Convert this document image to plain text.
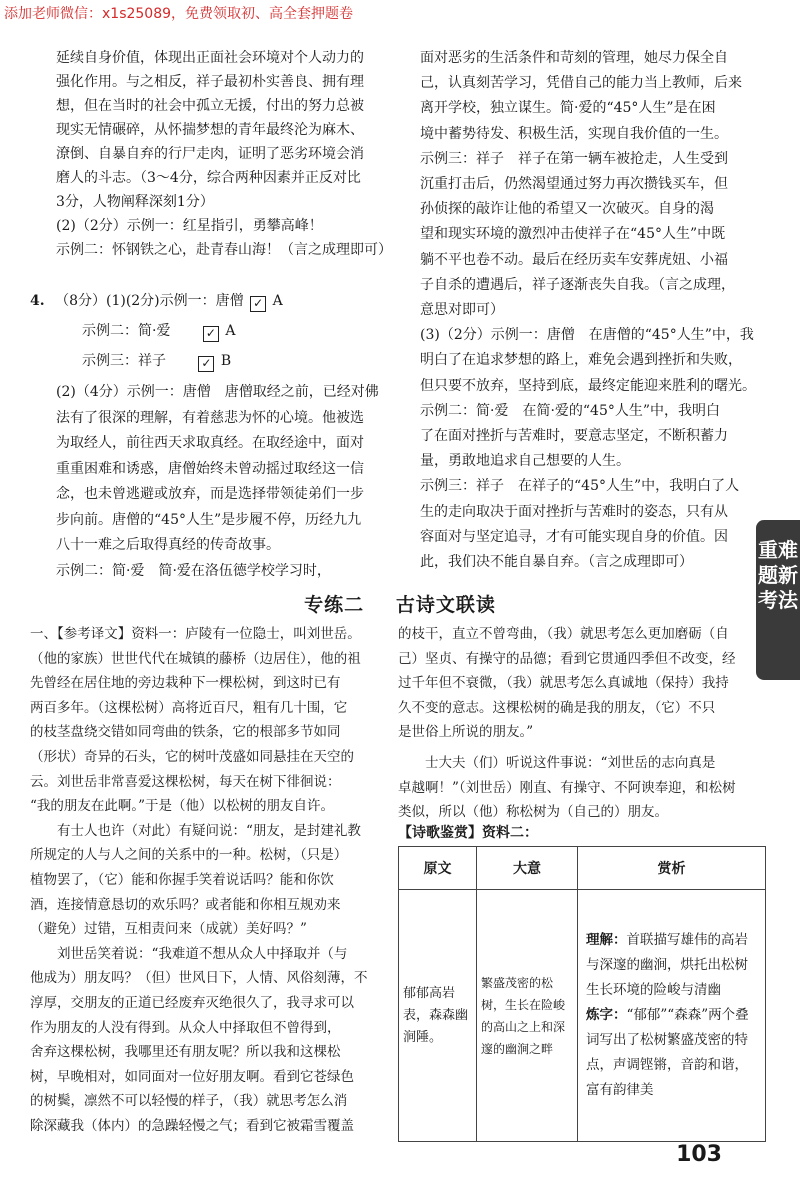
添加老师微信：x1s25089，免费领取初、高全套押题卷

延续自身价值，体现出正面社会环境对个人动力的

强化作用。与之相反，祥子最初朴实善良、拥有理

想，但在当时的社会中孤立无援，付出的努力总被

现实无情碾碎，从怀揣梦想的青年最终沦为麻木、

潦倒、自暴自弃的行尸走肉，证明了恶劣环境会消

磨人的斗志。（3～4分，综合两种因素并正反对比

3分，人物阐释深刻1分）

(2)（2分）示例一：红星指引，勇攀高峰！

示例二：怀钢铁之心，赴青春山海！（言之成理即可）

4. （8分）(1)(2分)示例一：唐僧 ✓ A

示例二：简·爱	✓ A

示例三：祥子	✓ B

(2)（4分）示例一：唐僧　唐僧取经之前，已经对佛

法有了很深的理解，有着慈悲为怀的心境。他被选

为取经人，前往西天求取真经。在取经途中，面对

重重困难和诱惑，唐僧始终未曾动摇过取经这一信

念，也未曾逃避或放弃，而是选择带领徒弟们一步

步向前。唐僧的“45°人生”是步履不停，历经九九

八十一难之后取得真经的传奇故事。

示例二：简·爱　简·爱在洛伍德学校学习时，

面对恶劣的生活条件和苛刻的管理，她尽力保全自

己，认真刻苦学习，凭借自己的能力当上教师，后来

离开学校，独立谋生。简·爱的“45°人生”是在困

境中蓄势待发、积极生活，实现自我价值的一生。

示例三：祥子　祥子在第一辆车被抢走，人生受到

沉重打击后，仍然渴望通过努力再次攒钱买车，但

孙侦探的敲诈让他的希望又一次破灭。自身的渴

望和现实环境的激烈冲击使祥子在“45°人生”中既

躺不平也卷不动。最后在经历卖车安葬虎妞、小福

子自杀的遭遇后，祥子逐渐丧失自我。（言之成理，

意思对即可）

(3)（2分）示例一：唐僧　在唐僧的“45°人生”中，我

明白了在追求梦想的路上，难免会遇到挫折和失败，

但只要不放弃，坚持到底，最终定能迎来胜利的曙光。

示例二：简·爱　在简·爱的“45°人生”中，我明白

了在面对挫折与苦难时，要意志坚定，不断积蓄力

量，勇敢地追求自己想要的人生。

示例三：祥子　在祥子的“45°人生”中，我明白了人

生的走向取决于面对挫折与苦难时的姿态，只有从

容面对与坚定追寻，才有可能实现自身的价值。因

此，我们决不能自暴自弃。（言之成理即可）

专练二 古诗文联读

一、【参考译文】资料一：庐陵有一位隐士，叫刘世岳。

（他的家族）世世代代在城镇的藤桥（边居住），他的祖

先曾经在居住地的旁边栽种下一棵松树，到这时已有

两百多年。（这棵松树）高将近百尺，粗有几十围，它

的枝茎盘绕交错如同弯曲的铁条，它的根部多节如同

（形状）奇异的石头，它的树叶茂盛如同悬挂在天空的

云。刘世岳非常喜爱这棵松树，每天在树下徘徊说：

“我的朋友在此啊。”于是（他）以松树的朋友自许。

有士人也许（对此）有疑问说：“朋友，是封建礼教

所规定的人与人之间的关系中的一种。松树，（只是）

植物罢了，（它）能和你握手笑着说话吗？能和你饮

酒，连接情意恳切的欢乐吗？或者能和你相互规劝来

（避免）过错，互相责问来（成就）美好吗？”

刘世岳笑着说：“我难道不想从众人中择取并（与

他成为）朋友吗？（但）世风日下，人情、风俗刻薄，不

淳厚，交朋友的正道已经废弃灭绝很久了，我寻求可以

作为朋友的人没有得到。从众人中择取但不曾得到，

舍弃这棵松树，我哪里还有朋友呢？所以我和这棵松

树，早晚相对，如同面对一位好朋友啊。看到它苍绿色

的树鬓，凛然不可以轻慢的样子，（我）就思考怎么消

除深藏我（体内）的急躁轻慢之气；看到它被霜雪覆盖

的枝干，直立不曾弯曲，（我）就思考怎么更加磨砺（自

己）坚贞、有操守的品德；看到它贯通四季但不改变，经

过千年但不衰微，（我）就思考怎么真诚地（保持）我持

久不变的意志。这棵松树的确是我的朋友，（它）不只

是世俗上所说的朋友。”

士大夫（们）听说这件事说：“刘世岳的志向真是

卓越啊！”（刘世岳）刚直、有操守、不阿谀奉迎，和松树

类似，所以（他）称松树为（自己的）朋友。

【诗歌鉴赏】资料二：
原文	大意	赏析
郁郁高岩表，森森幽涧陲。	繁盛茂密的松树，生长在险峻的高山之上和深邃的幽涧之畔	理解：首联描写雄伟的高岩与深邃的幽涧，烘托出松树生长环境的险峻与清幽
炼字：“郁郁”“森森”两个叠词写出了松树繁盛茂密的特点，声调铿锵，音韵和谐，富有韵律美
重难题新考法
103
